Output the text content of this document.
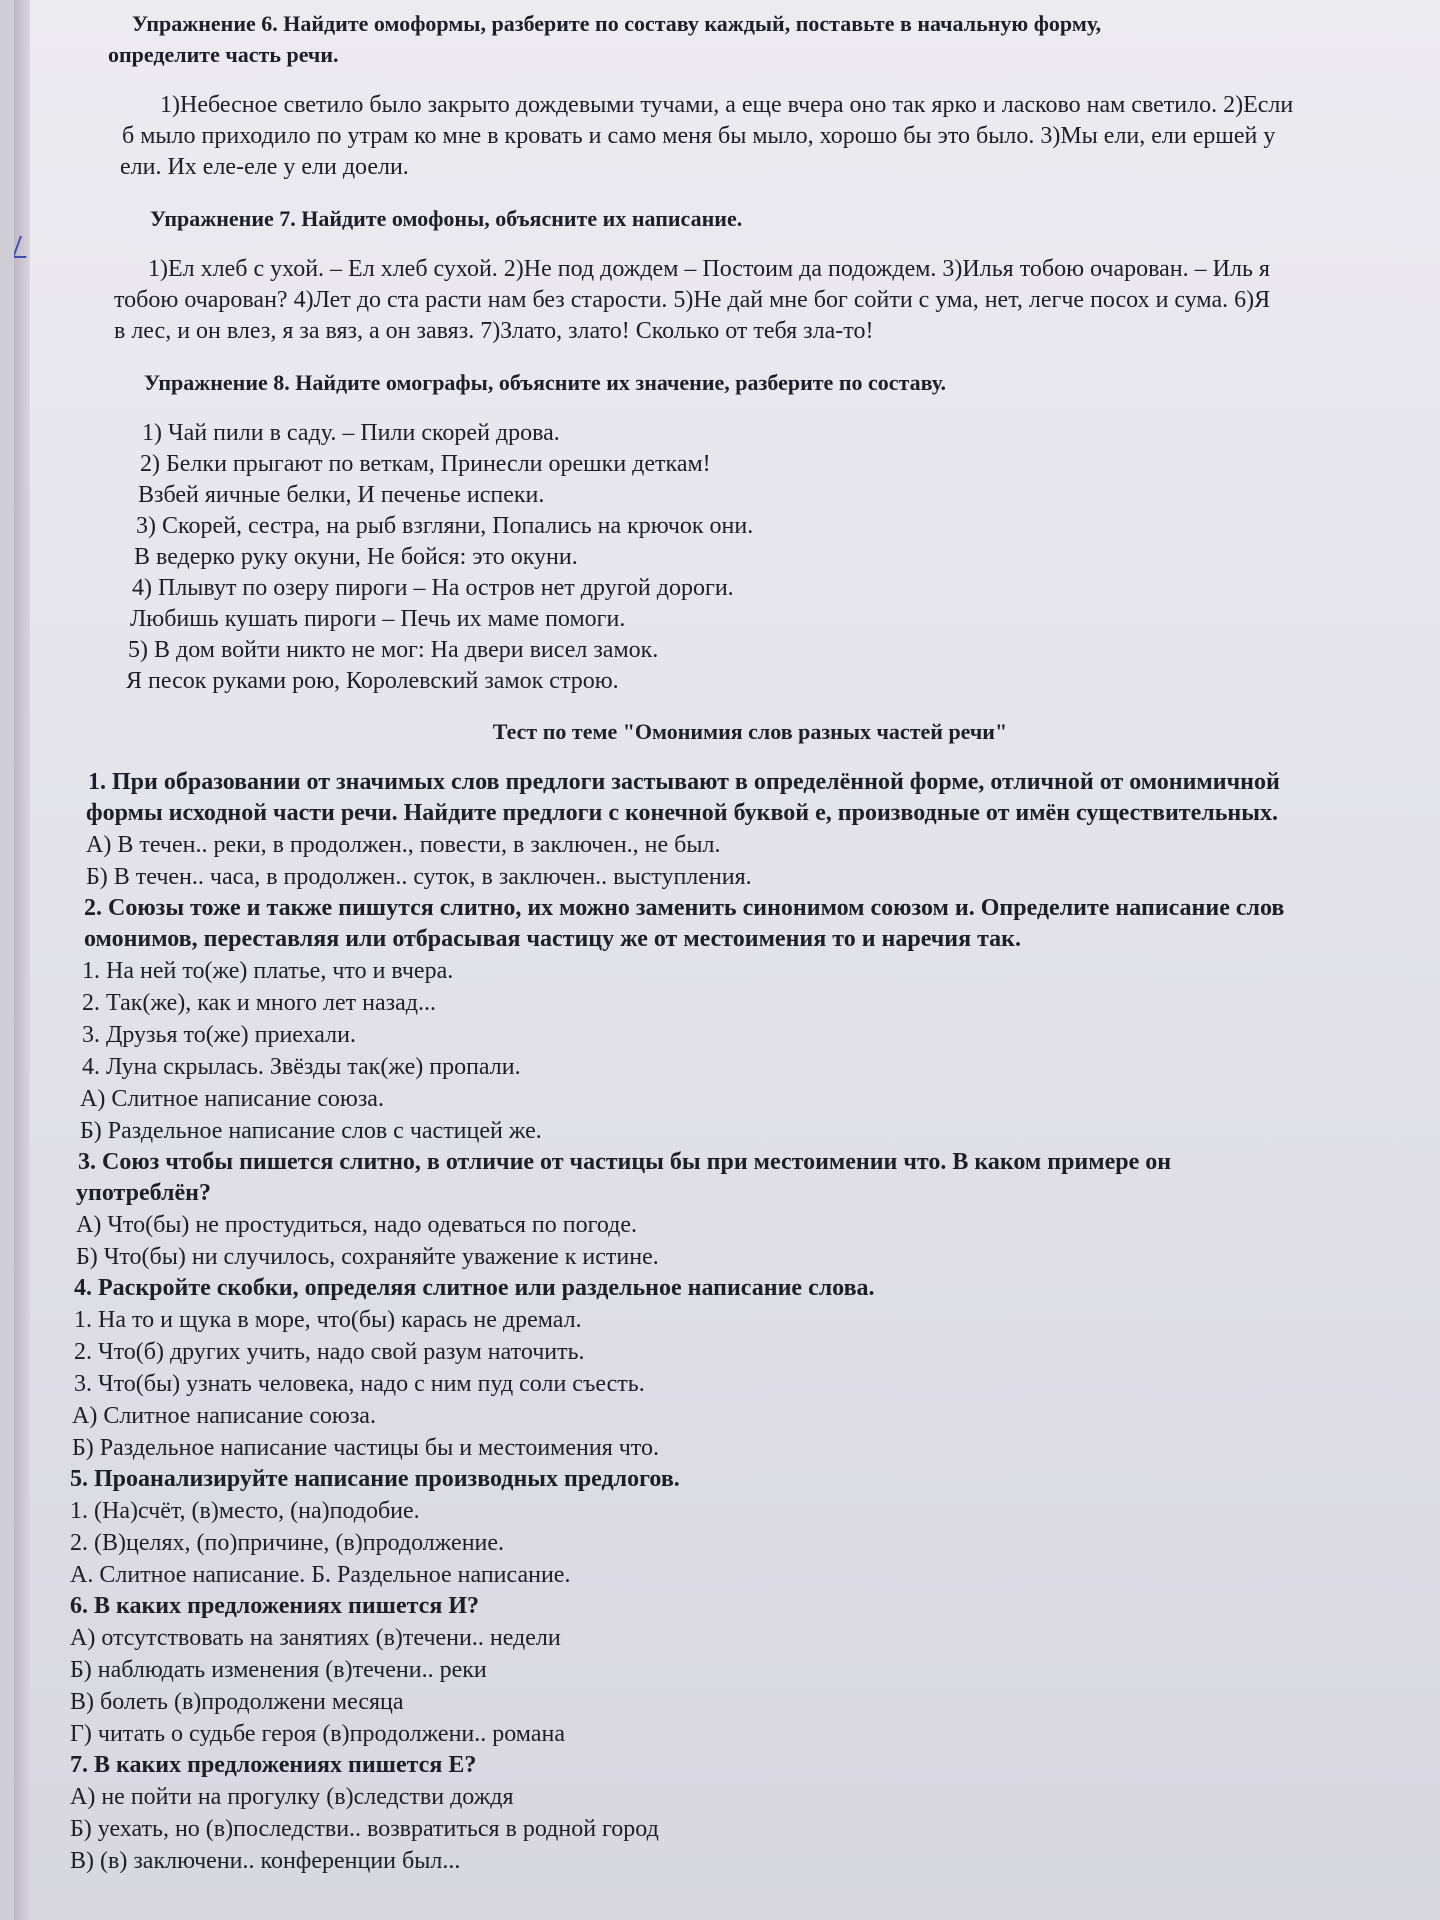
Упражнение 6. Найдите омоформы, разберите по составу каждый, поставьте в начальную форму,
определите часть речи.
1)Небесное светило было закрыто дождевыми тучами, а еще вчера оно так ярко и ласково нам светило. 2)Если
б мыло приходило по утрам ко мне в кровать и само меня бы мыло, хорошо бы это было. 3)Мы ели, ели ершей у
ели. Их еле-еле у ели доели.
Упражнение 7. Найдите омофоны, объясните их написание.
1)Ел хлеб с ухой. – Ел хлеб сухой. 2)Не под дождем – Постоим да подождем. 3)Илья тобою очарован. – Иль я
тобою очарован? 4)Лет до ста расти нам без старости. 5)Не дай мне бог сойти с ума, нет, легче посох и сума. 6)Я
в лес, и он влез, я за вяз, а он завяз. 7)Злато, злато! Сколько от тебя зла-то!
Упражнение 8. Найдите омографы, объясните их значение, разберите по составу.
1) Чай пили в саду. – Пили скорей дрова.
2) Белки прыгают по веткам, Принесли орешки деткам!
Взбей яичные белки, И печенье испеки.
3) Скорей, сестра, на рыб взгляни, Попались на крючок они.
В ведерко руку окуни, Не бойся: это окуни.
4) Плывут по озеру пироги – На остров нет другой дороги.
Любишь кушать пироги – Печь их маме помоги.
5) В дом войти никто не мог: На двери висел замок.
Я песок руками рою, Королевский замок строю.
Тест по теме "Омонимия слов разных частей речи"
1. При образовании от значимых слов предлоги застывают в определённой форме, отличной от омонимичной
формы исходной части речи. Найдите предлоги с конечной буквой е, производные от имён существительных.
А) В течен.. реки, в продолжен., повести, в заключен., не был.
Б) В течен.. часа, в продолжен.. суток, в заключен.. выступления.
2. Союзы тоже и также пишутся слитно, их можно заменить синонимом союзом и. Определите написание слов
омонимов, переставляя или отбрасывая частицу же от местоимения то и наречия так.
1. На ней то(же) платье, что и вчера.
2. Так(же), как и много лет назад...
3. Друзья то(же) приехали.
4. Луна скрылась. Звёзды так(же) пропали.
А) Слитное написание союза.
Б) Раздельное написание слов с частицей же.
3. Союз чтобы пишется слитно, в отличие от частицы бы при местоимении что. В каком примере он
употреблён?
А) Что(бы) не простудиться, надо одеваться по погоде.
Б) Что(бы) ни случилось, сохраняйте уважение к истине.
4. Раскройте скобки, определяя слитное или раздельное написание слова.
1. На то и щука в море, что(бы) карась не дремал.
2. Что(б) других учить, надо свой разум наточить.
3. Что(бы) узнать человека, надо с ним пуд соли съесть.
А) Слитное написание союза.
Б) Раздельное написание частицы бы и местоимения что.
5. Проанализируйте написание производных предлогов.
1. (На)счёт, (в)место, (на)подобие.
2. (В)целях, (по)причине, (в)продолжение.
А. Слитное написание. Б. Раздельное написание.
6. В каких предложениях пишется И?
А) отсутствовать на занятиях (в)течени.. недели
Б) наблюдать изменения (в)течени.. реки
В) болеть (в)продолжени месяца
Г) читать о судьбе героя (в)продолжени.. романа
7. В каких предложениях пишется Е?
А) не пойти на прогулку (в)следстви дождя
Б) уехать, но (в)последстви.. возвратиться в родной город
В) (в) заключени.. конференции был...
